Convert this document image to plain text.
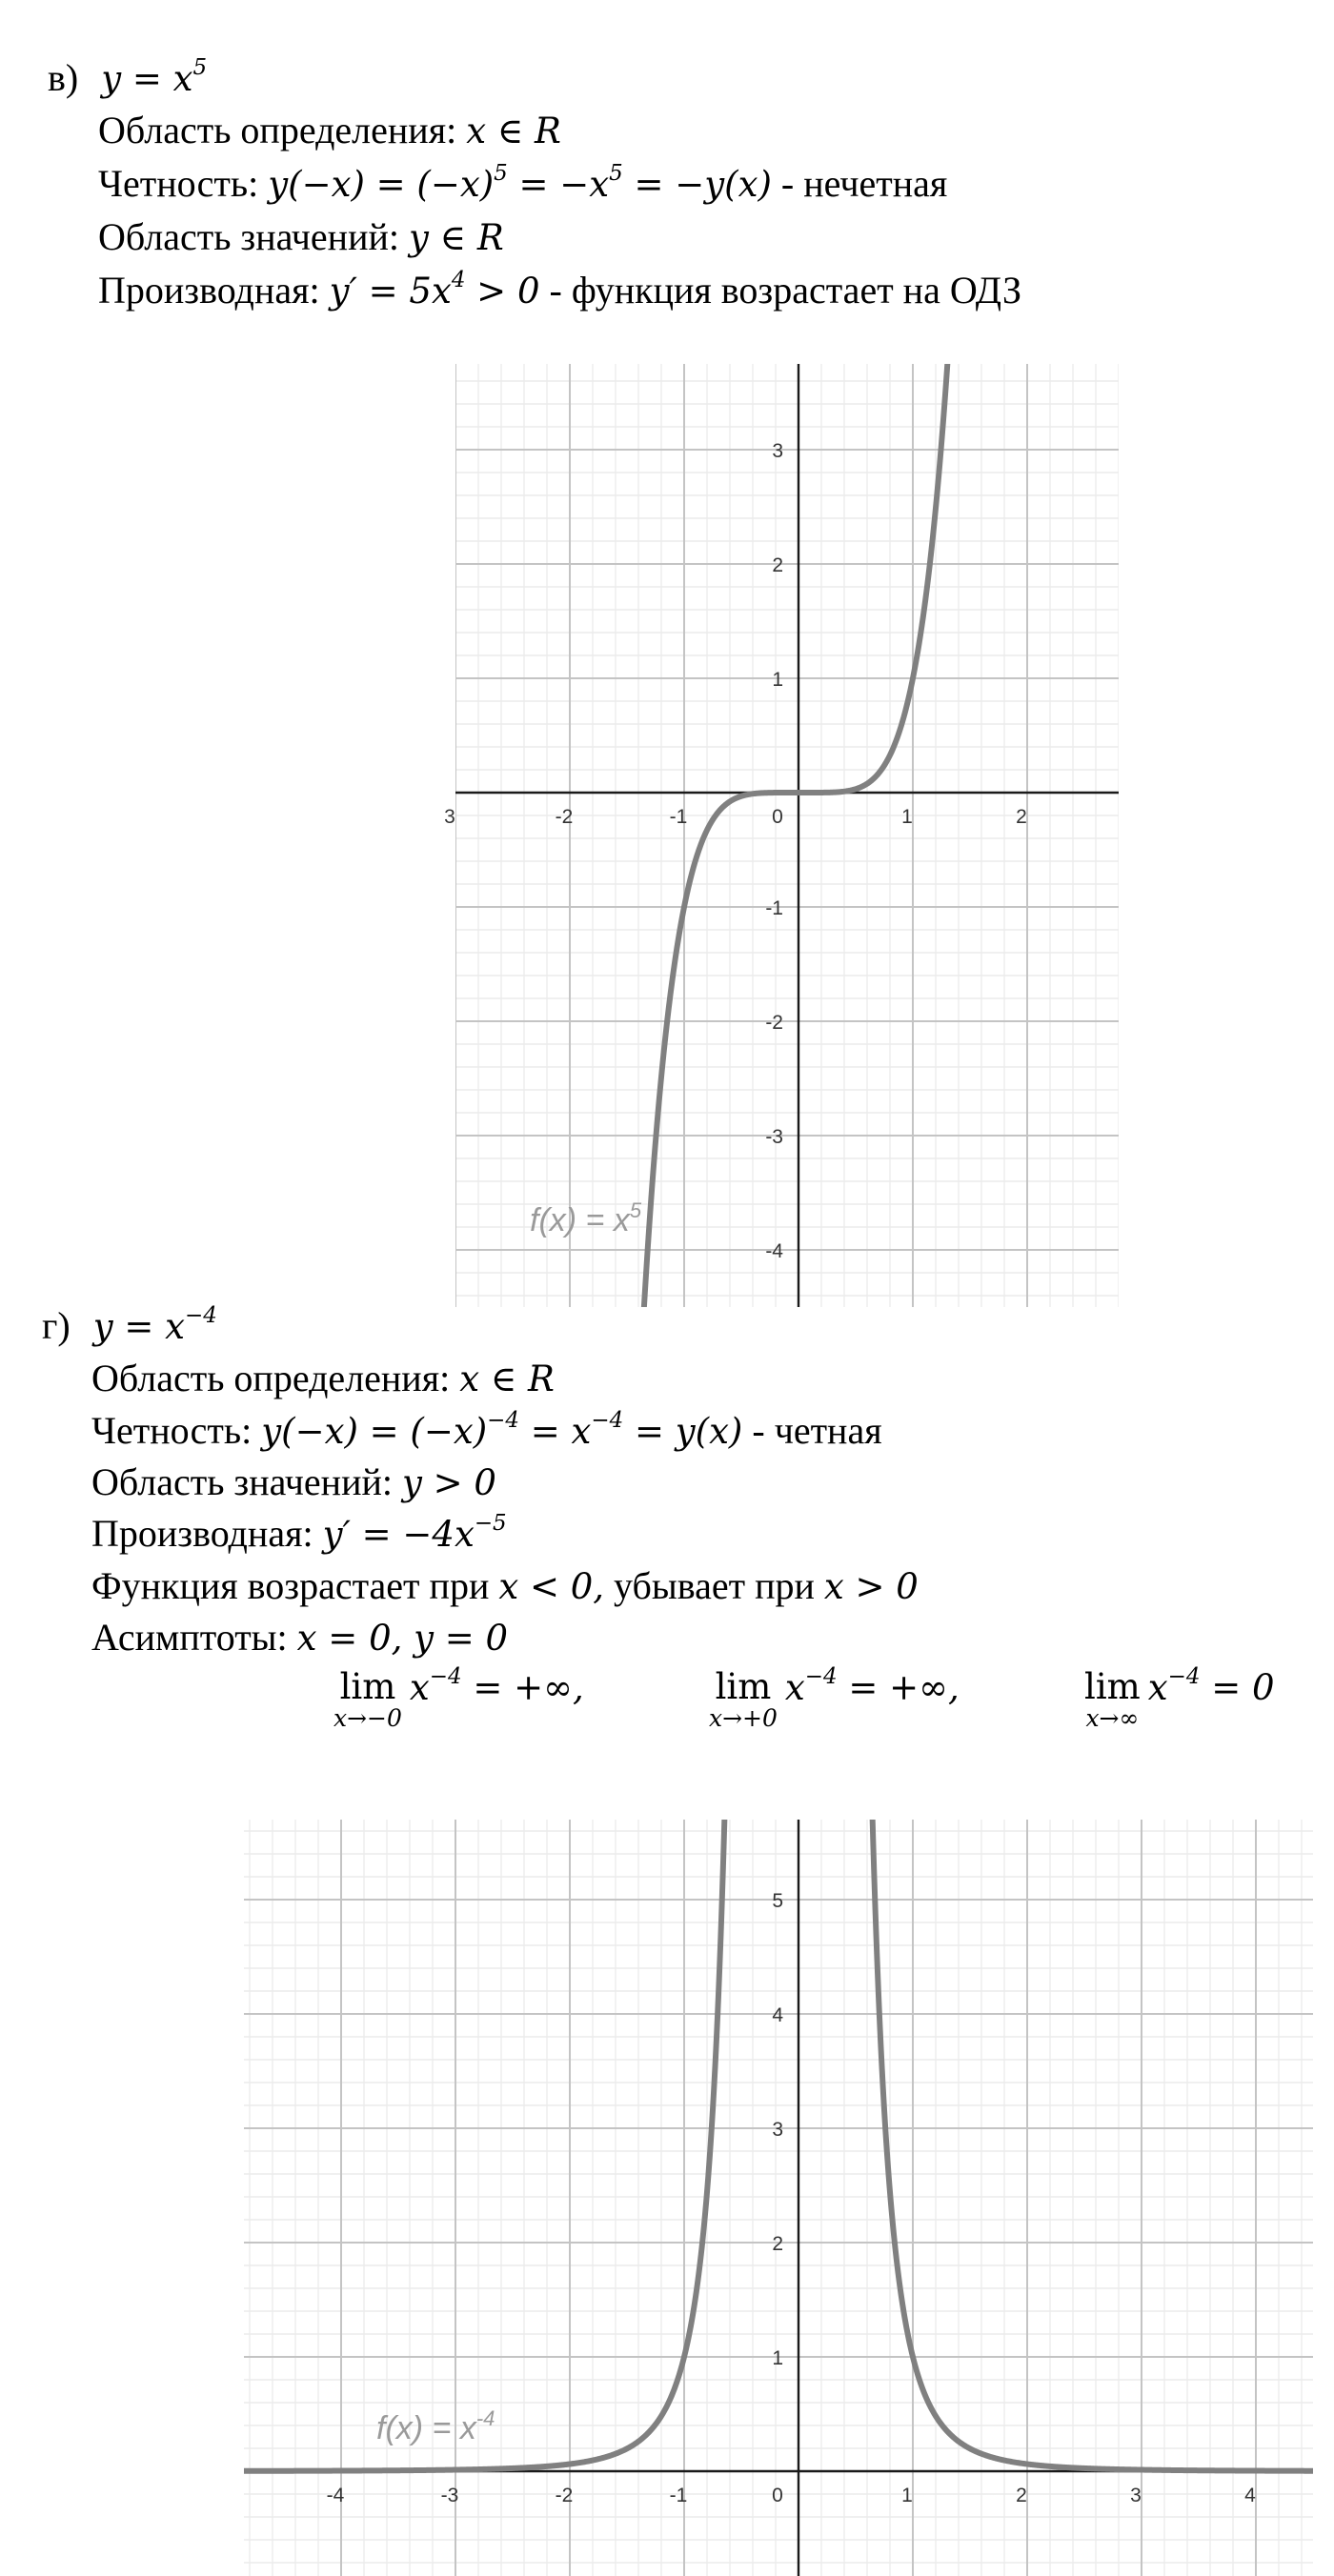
в) $y = x^5$
Область определения: x ∈ R
Четность: $y(-x) = (-x)^5 = -x^5 = -y(x)$ - нечетная
Область значений: y ∈ R
Производная: $y' = 5x^4 > 0$ - функция возрастает на ОДЗ
3	-2	-1	0	1	2
3
2
1
-1
-2
-3
-4
$f(x) = x^5$
г) $y = x^{-4}$
Область определения: x ∈ R
Четность: $y(-x) = (-x)^{-4} = x^{-4} = y(x)$ - четная
Область значений: y > 0
Производная: $y' = -4x^{-5}$
Функция возрастает при x < 0, убывает при x > 0
Асимптоты: x = 0, y = 0
lim
x→−0
$x^{-4}$ = +∞,	lim
x→+0
$x^{-4}$ = +∞,	lim
x→∞
$x^{-4} = 0$
-4	-3	-2	-1	0	1	2	3	4
5
4
3
2
1
$f(x) = x^{-4}$
